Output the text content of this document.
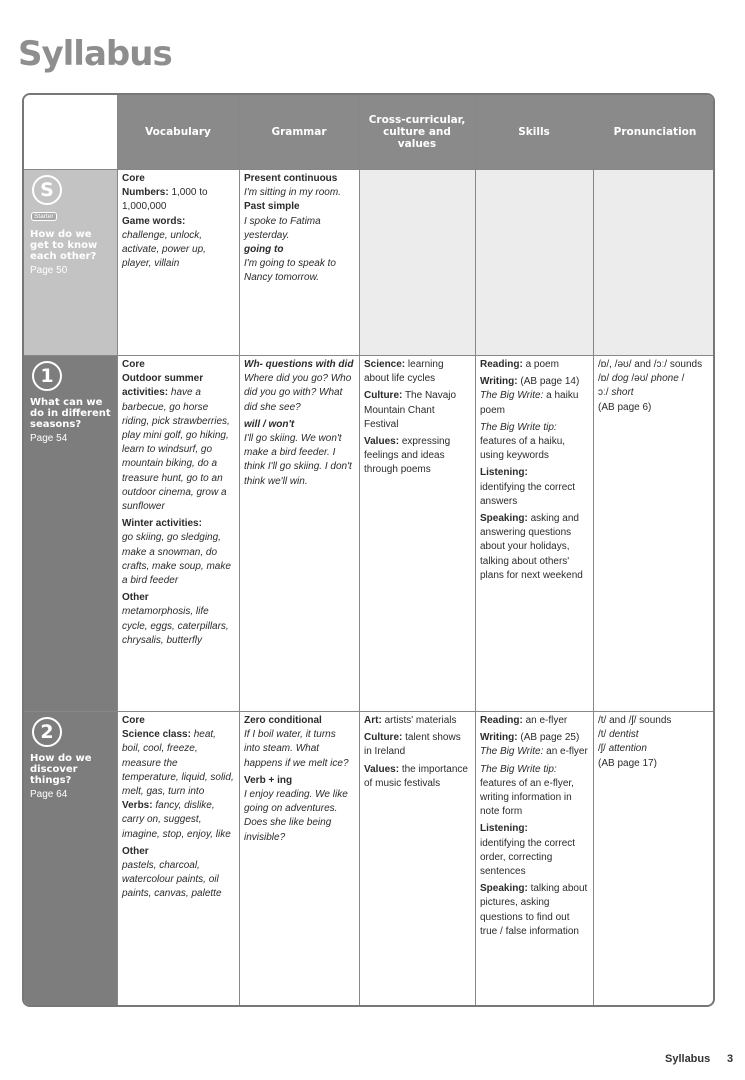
Syllabus
Vocabulary	Grammar
Cross-curricular, culture and values
Skills	Pronunciation
S
Starter
How do we get to know each other?
Page 50
1
What can we do in different seasons?
Page 54
2
How do we discover things?
Page 64
Core
Numbers: 1,000 to 1,000,000
Game words:
challenge, unlock, activate, power up, player, villain
Present continuous
I'm sitting in my room.
Past simple
I spoke to Fatima yesterday.
going to
I'm going to speak to Nancy tomorrow.
Core
Outdoor summer activities: have a barbecue, go horse riding, pick strawberries, play mini golf, go hiking, learn to windsurf, go mountain biking, do a treasure hunt, go to an outdoor cinema, grow a sunflower
Winter activities:
go skiing, go sledging, make a snowman, do crafts, make soup, make a bird feeder
Other
metamorphosis, life cycle, eggs, caterpillars, chrysalis, butterfly
Wh- questions with did
Where did you go? Who did you go with? What did she see?
will / won't
I'll go skiing. We won't make a bird feeder. I think I'll go skiing. I don't think we'll win.
Science: learning about life cycles
Culture: The Navajo Mountain Chant Festival
Values: expressing feelings and ideas through poems
Reading: a poem
Writing: (AB page 14) The Big Write: a haiku poem
The Big Write tip: features of a haiku, using keywords
Listening:
identifying the correct answers
Speaking: asking and answering questions about your holidays, talking about others' plans for next weekend
/ɒ/, /əʊ/ and /ɔː/ sounds
/ɒ/ dog /əʊ/ phone /
ɔː/ short
(AB page 6)
Core
Science class: heat, boil, cool, freeze, measure the temperature, liquid, solid, melt, gas, turn into
Verbs: fancy, dislike, carry on, suggest, imagine, stop, enjoy, like
Other
pastels, charcoal, watercolour paints, oil paints, canvas, palette
Zero conditional
If I boil water, it turns into steam. What happens if we melt ice?
Verb + ing
I enjoy reading. We like going on adventures. Does she like being invisible?
Art: artists' materials
Culture: talent shows in Ireland
Values: the importance of music festivals
Reading: an e-flyer
Writing: (AB page 25) The Big Write: an e-flyer
The Big Write tip: features of an e-flyer, writing information in note form
Listening:
identifying the correct order, correcting sentences
Speaking: talking about pictures, asking questions to find out true / false information
/t/ and /ʃ/ sounds
/t/ dentist
/ʃ/ attention
(AB page 17)
Syllabus 3
